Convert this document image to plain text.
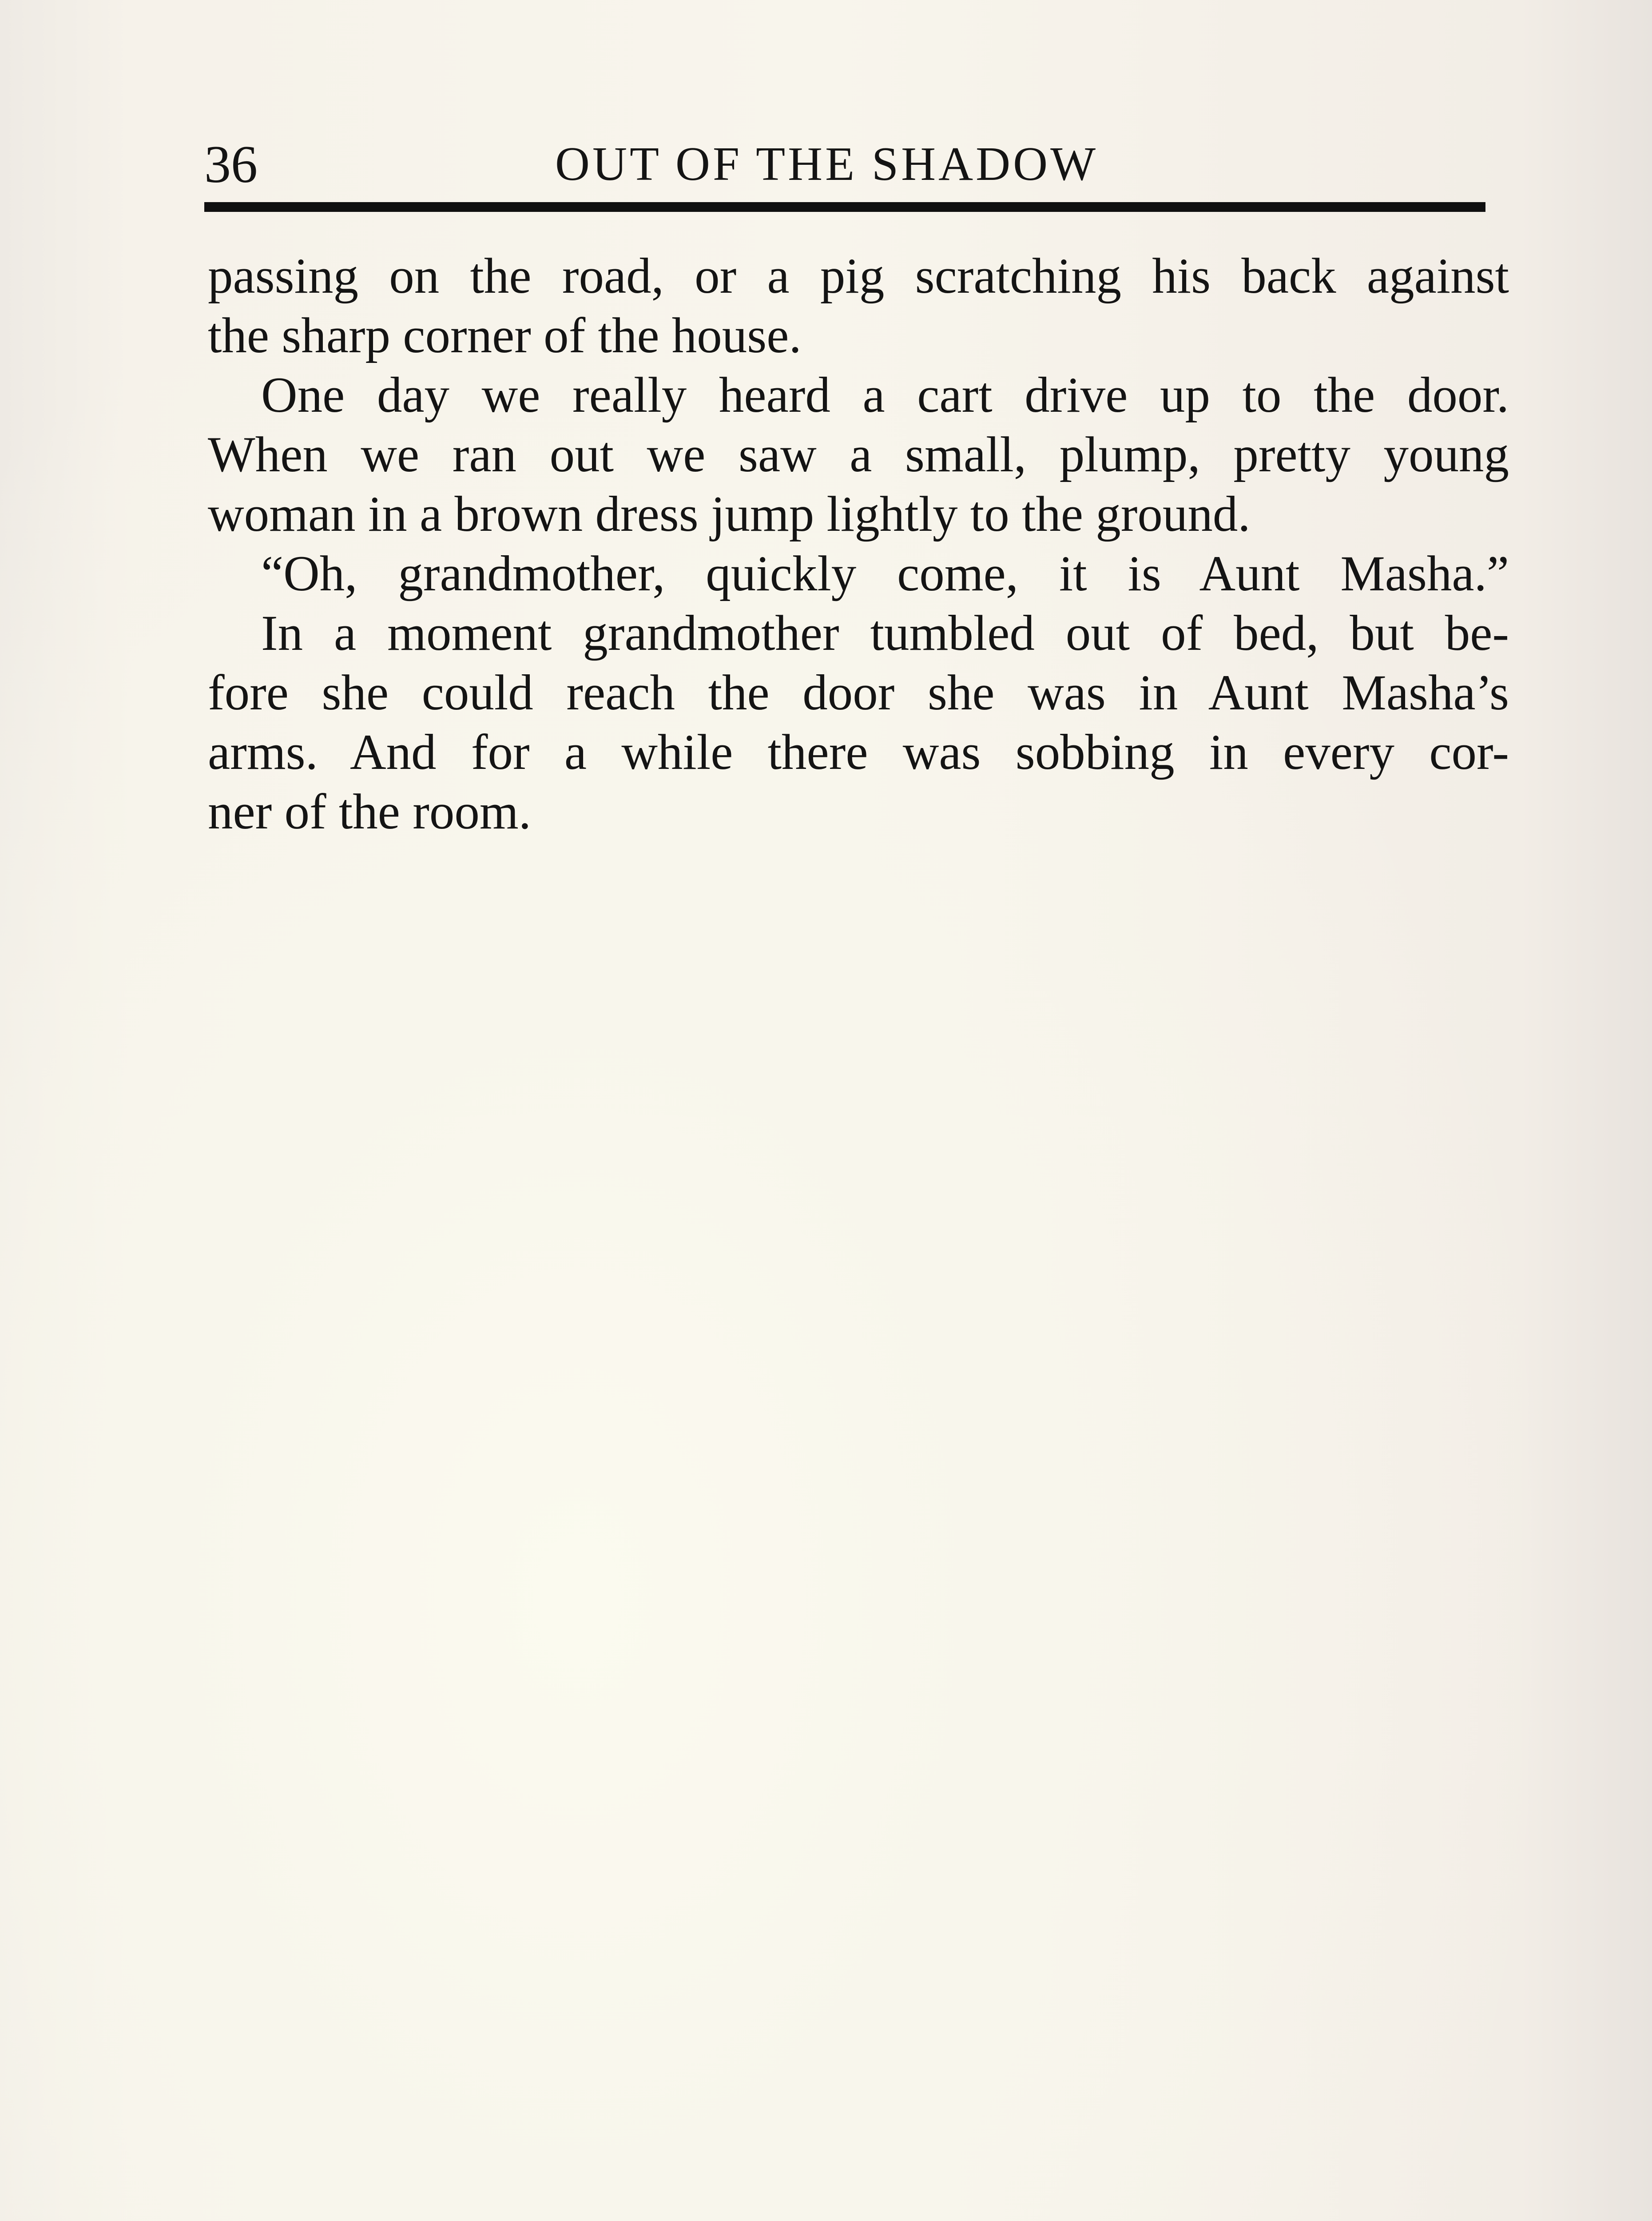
36	OUT OF THE SHADOW
passing on the road, or a pig scratching his back against
the sharp corner of the house.
One day we really heard a cart drive up to the door.
When we ran out we saw a small, plump, pretty young
woman in a brown dress jump lightly to the ground.
“Oh, grandmother, quickly come, it is Aunt Masha.”
In a moment grandmother tumbled out of bed, but be-
fore she could reach the door she was in Aunt Masha’s
arms. And for a while there was sobbing in every cor-
ner of the room.
